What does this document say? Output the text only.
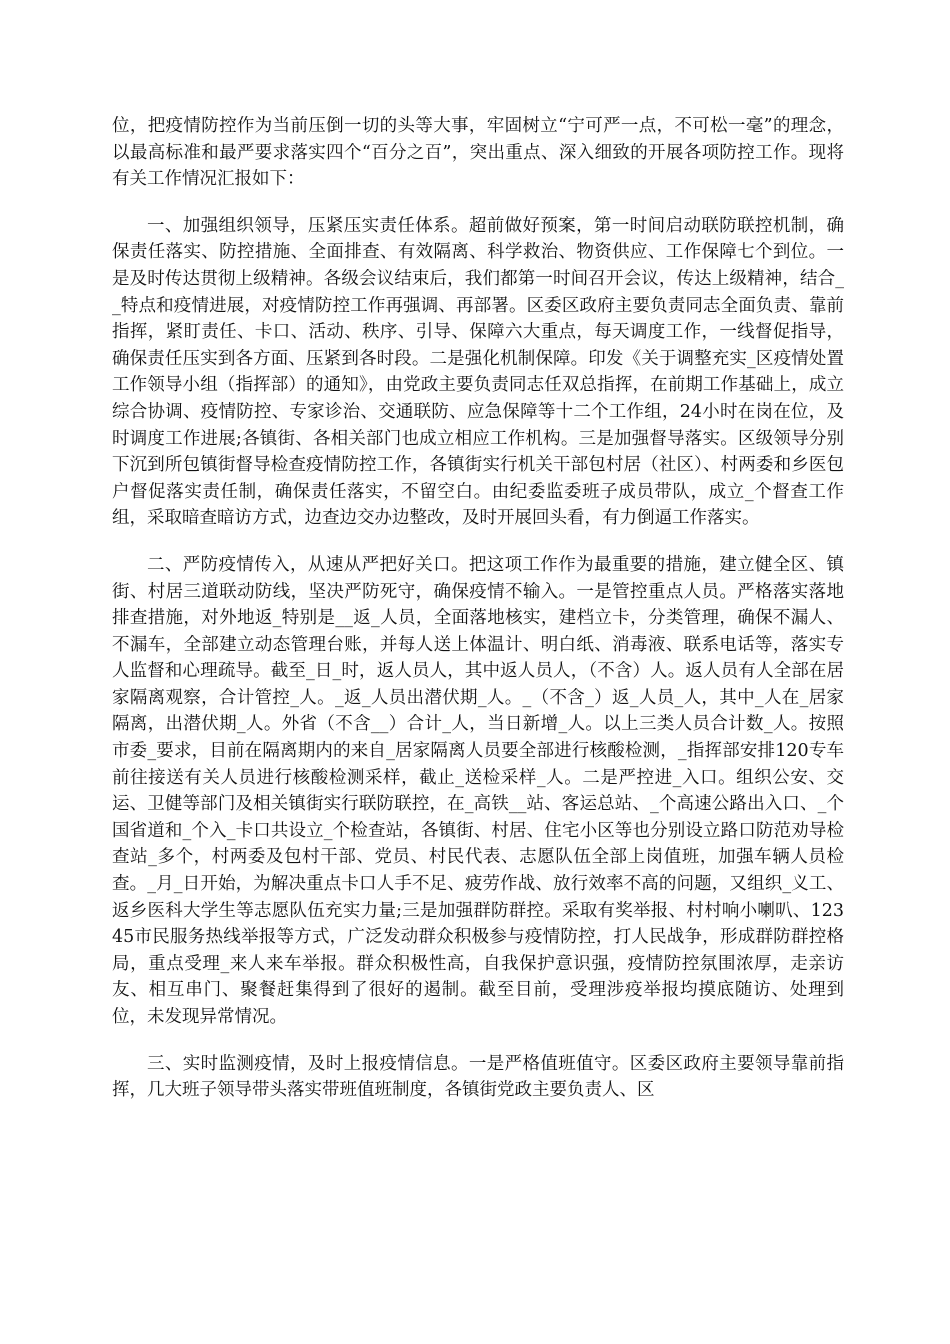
位，把疫情防控作为当前压倒一切的头等大事，牢固树立“宁可严一点，不可松一毫”的理念，以最高标准和最严要求落实四个“百分之百”，突出重点、深入细致的开展各项防控工作。现将有关工作情况汇报如下：

一、加强组织领导，压紧压实责任体系。超前做好预案，第一时间启动联防联控机制，确保责任落实、防控措施、全面排查、有效隔离、科学救治、物资供应、工作保障七个到位。一是及时传达贯彻上级精神。各级会议结束后，我们都第一时间召开会议，传达上级精神，结合__特点和疫情进展，对疫情防控工作再强调、再部署。区委区政府主要负责同志全面负责、靠前指挥，紧盯责任、卡口、活动、秩序、引导、保障六大重点，每天调度工作，一线督促指导，确保责任压实到各方面、压紧到各时段。二是强化机制保障。印发《关于调整充实_区疫情处置工作领导小组（指挥部）的通知》，由党政主要负责同志任双总指挥，在前期工作基础上，成立综合协调、疫情防控、专家诊治、交通联防、应急保障等十二个工作组，24小时在岗在位，及时调度工作进展;各镇街、各相关部门也成立相应工作机构。三是加强督导落实。区级领导分别下沉到所包镇街督导检查疫情防控工作，各镇街实行机关干部包村居（社区）、村两委和乡医包户督促落实责任制，确保责任落实，不留空白。由纪委监委班子成员带队，成立_个督查工作组，采取暗查暗访方式，边查边交办边整改，及时开展回头看，有力倒逼工作落实。

二、严防疫情传入，从速从严把好关口。把这项工作作为最重要的措施，建立健全区、镇街、村居三道联动防线，坚决严防死守，确保疫情不输入。一是管控重点人员。严格落实落地排查措施，对外地返_特别是__返_人员，全面落地核实，建档立卡，分类管理，确保不漏人、不漏车，全部建立动态管理台账，并每人送上体温计、明白纸、消毒液、联系电话等，落实专人监督和心理疏导。截至_日_时，返人员人，其中返人员人，（不含）人。返人员有人全部在居家隔离观察，合计管控_人。_返_人员出潜伏期_人。_（不含_）返_人员_人，其中_人在_居家隔离，出潜伏期_人。外省（不含__）合计_人，当日新增_人。以上三类人员合计数_人。按照市委_要求，目前在隔离期内的来自_居家隔离人员要全部进行核酸检测，_指挥部安排120专车前往接送有关人员进行核酸检测采样，截止_送检采样_人。二是严控进_入口。组织公安、交运、卫健等部门及相关镇街实行联防联控，在_高铁__站、客运总站、_个高速公路出入口、_个国省道和_个入_卡口共设立_个检查站，各镇街、村居、住宅小区等也分别设立路口防范劝导检查站_多个，村两委及包村干部、党员、村民代表、志愿队伍全部上岗值班，加强车辆人员检查。_月_日开始，为解决重点卡口人手不足、疲劳作战、放行效率不高的问题，又组织_义工、返乡医科大学生等志愿队伍充实力量;三是加强群防群控。采取有奖举报、村村响小喇叭、12345市民服务热线举报等方式，广泛发动群众积极参与疫情防控，打人民战争，形成群防群控格局，重点受理_来人来车举报。群众积极性高，自我保护意识强，疫情防控氛围浓厚，走亲访友、相互串门、聚餐赶集得到了很好的遏制。截至目前，受理涉疫举报均摸底随访、处理到位，未发现异常情况。

三、实时监测疫情，及时上报疫情信息。一是严格值班值守。区委区政府主要领导靠前指挥，几大班子领导带头落实带班值班制度，各镇街党政主要负责人、区
